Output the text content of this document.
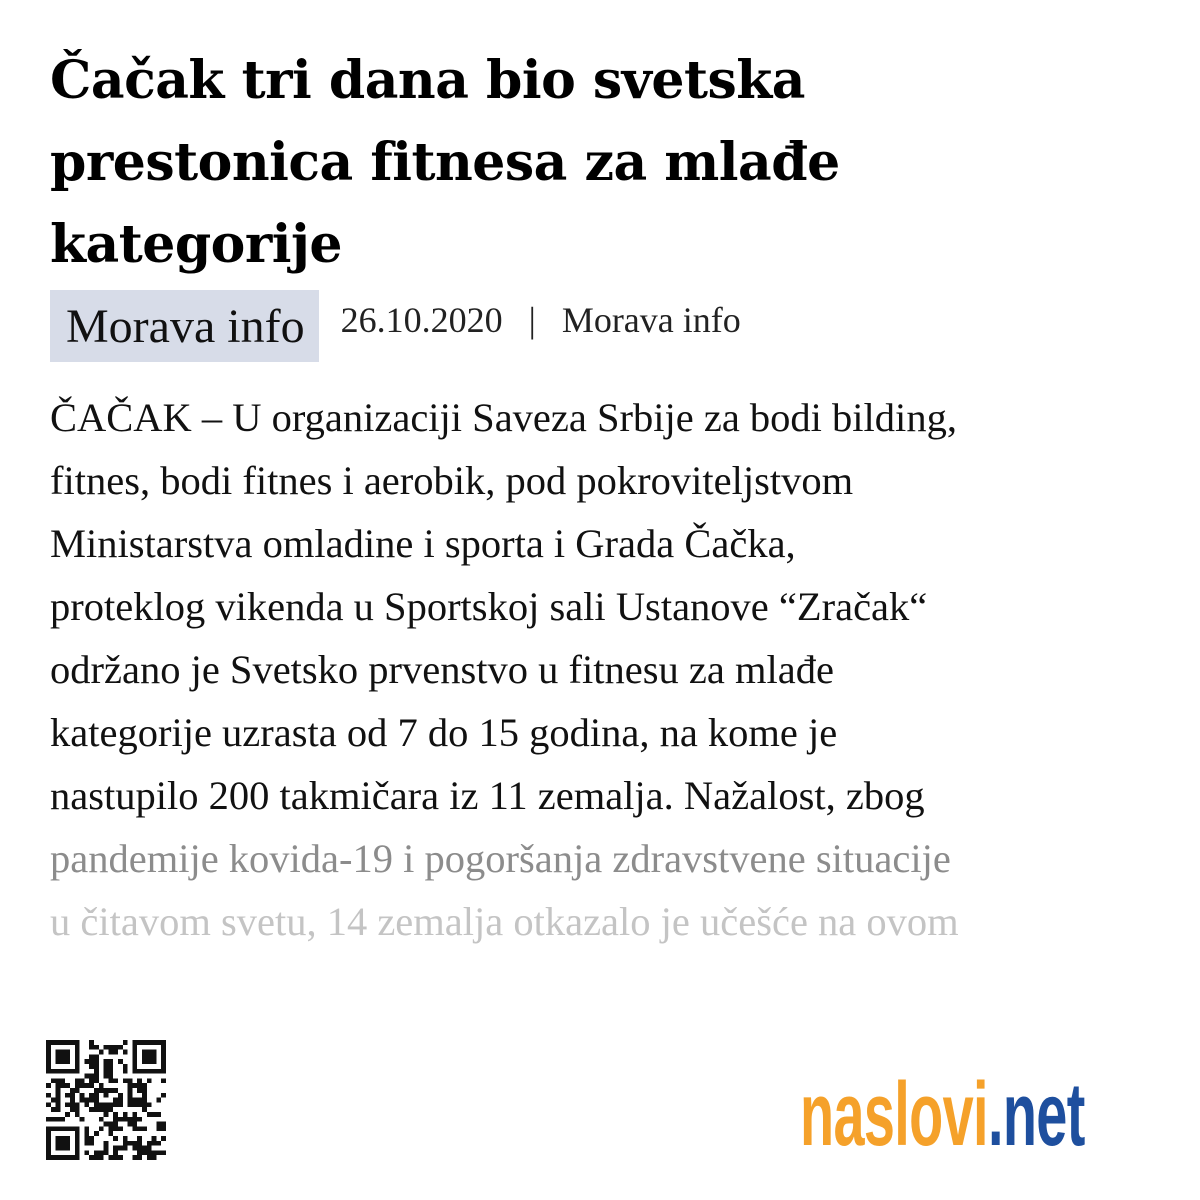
Čačak tri dana bio svetska
prestonica fitnesa za mlađe
kategorije
Morava info	26.10.2020 | Morava info
ČAČAK – U organizaciji Saveza Srbije za bodi bilding,
fitnes, bodi fitnes i aerobik, pod pokroviteljstvom
Ministarstva omladine i sporta i Grada Čačka,
proteklog vikenda u Sportskoj sali Ustanove “Zračak“
održano je Svetsko prvenstvo u fitnesu za mlađe
kategorije uzrasta od 7 do 15 godina, na kome je
nastupilo 200 takmičara iz 11 zemalja. Nažalost, zbog
pandemije kovida-19 i pogoršanja zdravstvene situacije
u čitavom svetu, 14 zemalja otkazalo je učešće na ovom
naslovi.net
